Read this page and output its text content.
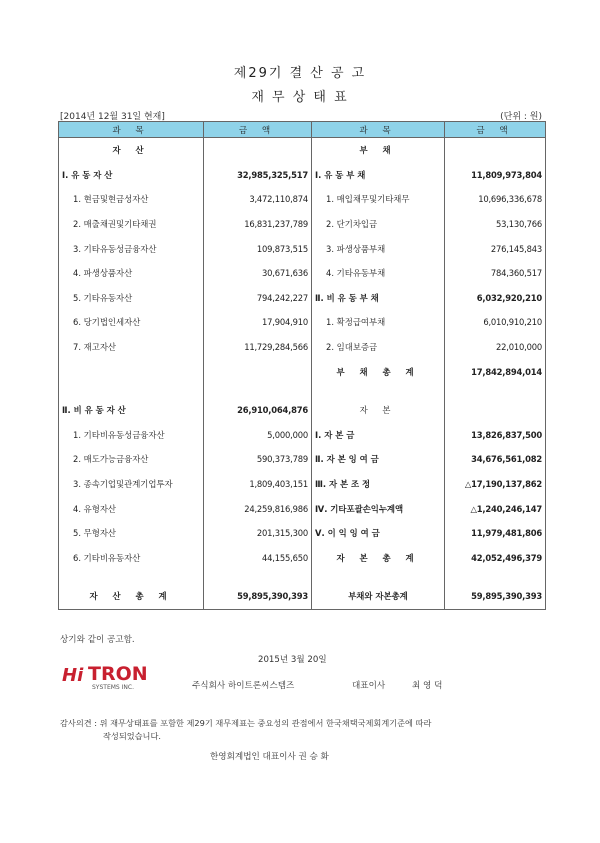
제29기 결 산 공 고
재 무 상 태 표
[2014년 12월 31일 현재]	(단위 : 원)
과 목	금 액	과 목	금 액
자 산		부 채	
Ⅰ. 유 동 자 산	32,985,325,517	Ⅰ. 유 동 부 채	11,809,973,804
1. 현금및현금성자산	3,472,110,874	1. 매입채무및기타채무	10,696,336,678
2. 매출채권및기타채권	16,831,237,789	2. 단기차입금	53,130,766
3. 기타유동성금융자산	109,873,515	3. 파생상품부채	276,145,843
4. 파생상품자산	30,671,636	4. 기타유동부채	784,360,517
5. 기타유동자산	794,242,227	Ⅱ. 비 유 동 부 채	6,032,920,210
6. 당기법인세자산	17,904,910	1. 확정급여부채	6,010,910,210
7. 재고자산	11,729,284,566	2. 임대보증금	22,010,000
		부 채 총 계	17,842,894,014

Ⅱ. 비 유 동 자 산	26,910,064,876	자 본	
1. 기타비유동성금융자산	5,000,000	Ⅰ. 자 본 금	13,826,837,500
2. 매도가능금융자산	590,373,789	Ⅱ. 자 본 잉 여 금	34,676,561,082
3. 종속기업및관계기업투자	1,809,403,151	Ⅲ. 자 본 조 정	△17,190,137,862
4. 유형자산	24,259,816,986	Ⅳ. 기타포괄손익누계액	△1,240,246,147
5. 무형자산	201,315,300	Ⅴ. 이 익 잉 여 금	11,979,481,806
6. 기타비유동자산	44,155,650	자 본 총 계	42,052,496,379

자 산 총 계	59,895,390,393	부채와 자본총계	59,895,390,393
상기와 같이 공고함.
2015년 3월 20일
Hi TRON
SYSTEMS INC.	주식회사 하이트론씨스템즈	대표이사	최 영 덕
감사의견 : 위 재무상태표를 포함한 제29기 재무제표는 중요성의 관점에서 한국채택국제회계기준에 따라
작성되었습니다.
한영회계법인 대표이사 권 승 화
